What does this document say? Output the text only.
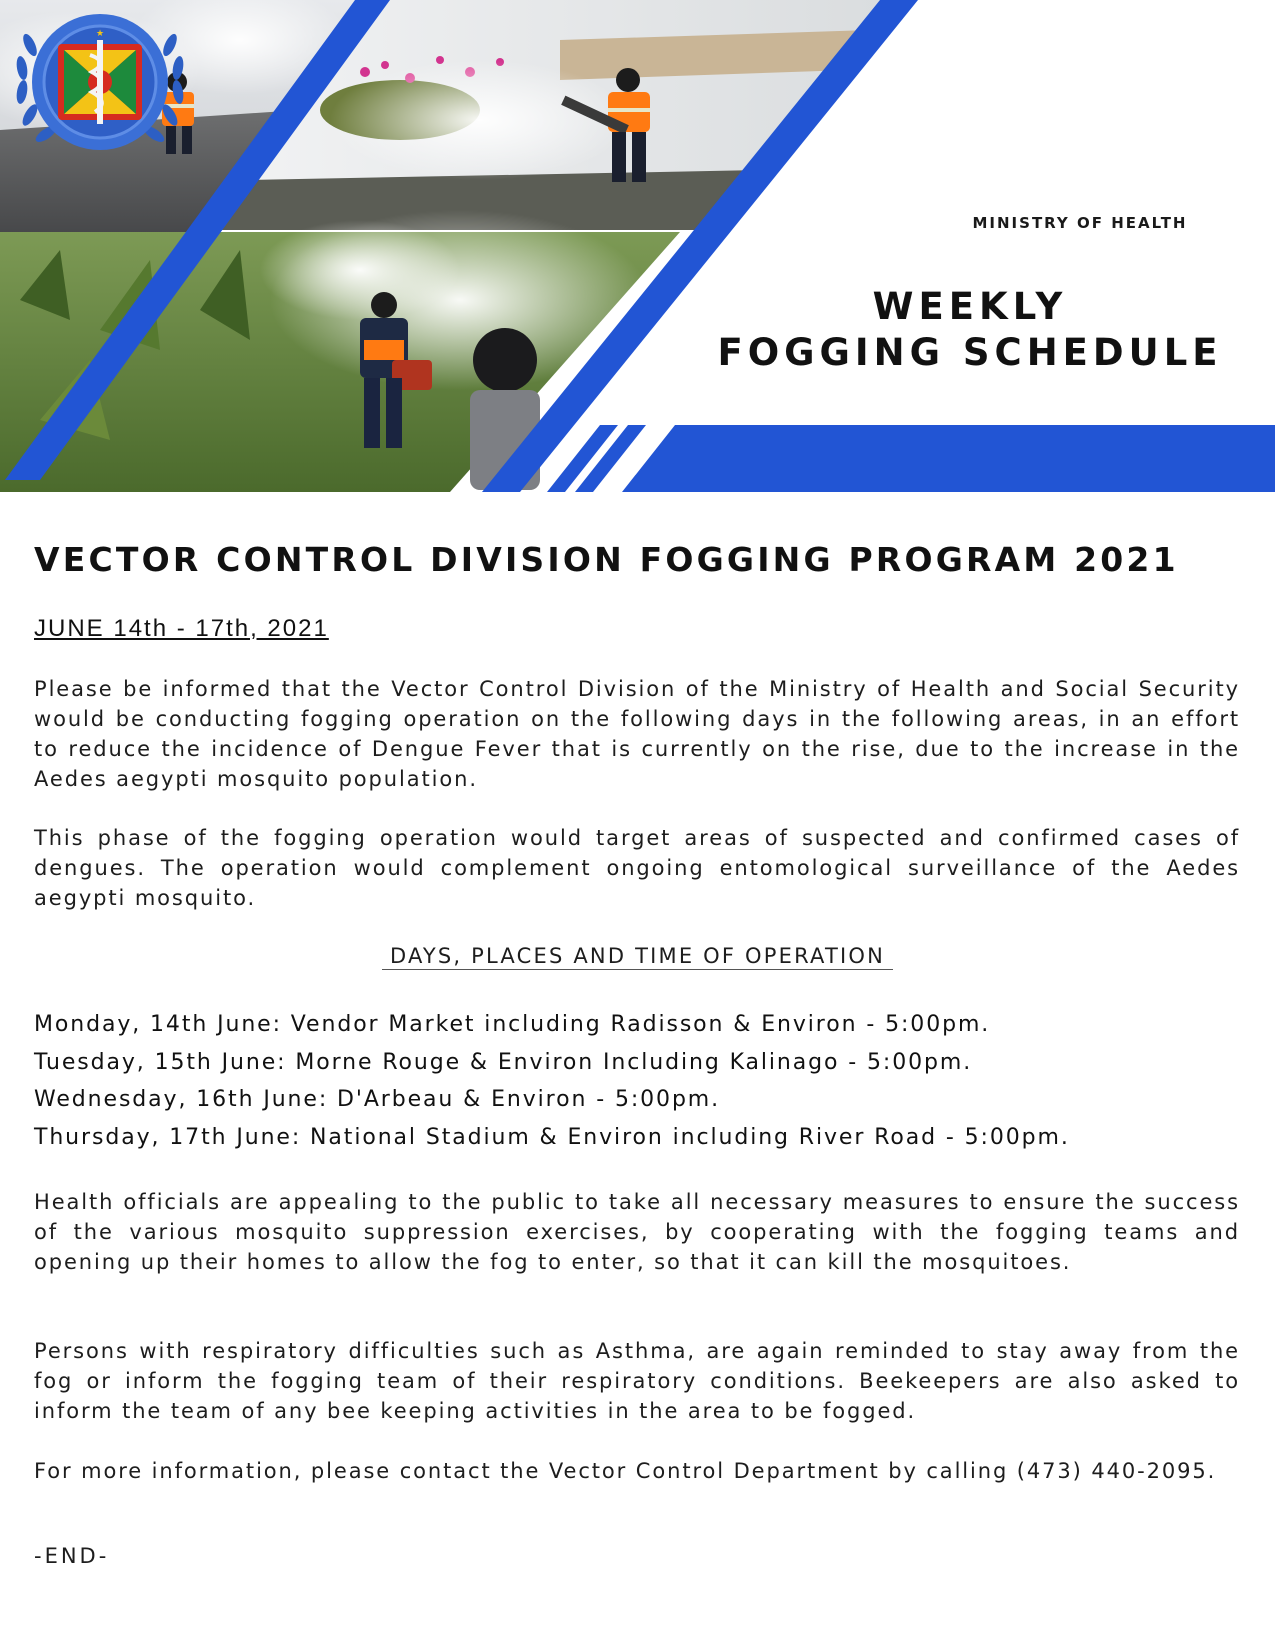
★
MINISTRY OF HEALTH
WEEKLY
FOGGING SCHEDULE
VECTOR CONTROL DIVISION FOGGING PROGRAM 2021
JUNE 14th - 17th, 2021

Please be informed that the Vector Control Division of the Ministry of Health and Social Security would be conducting fogging operation on the following days in the following areas, in an effort to reduce the incidence of Dengue Fever that is currently on the rise, due to the increase in the Aedes aegypti mosquito population.

This phase of the fogging operation would target areas of suspected and confirmed cases of dengues. The operation would complement ongoing entomological surveillance of the Aedes aegypti mosquito.

DAYS, PLACES AND TIME OF OPERATION
Monday, 14th June: Vendor Market including Radisson & Environ - 5:00pm.
Tuesday, 15th June: Morne Rouge & Environ Including Kalinago - 5:00pm.
Wednesday, 16th June: D'Arbeau & Environ - 5:00pm.
Thursday, 17th June: National Stadium & Environ including River Road - 5:00pm.

Health officials are appealing to the public to take all necessary measures to ensure the success of the various mosquito suppression exercises, by cooperating with the fogging teams and opening up their homes to allow the fog to enter, so that it can kill the mosquitoes.

Persons with respiratory difficulties such as Asthma, are again reminded to stay away from the fog or inform the fogging team of their respiratory conditions. Beekeepers are also asked to inform the team of any bee keeping activities in the area to be fogged.

For more information, please contact the Vector Control Department by calling (473) 440-2095.

-END-
